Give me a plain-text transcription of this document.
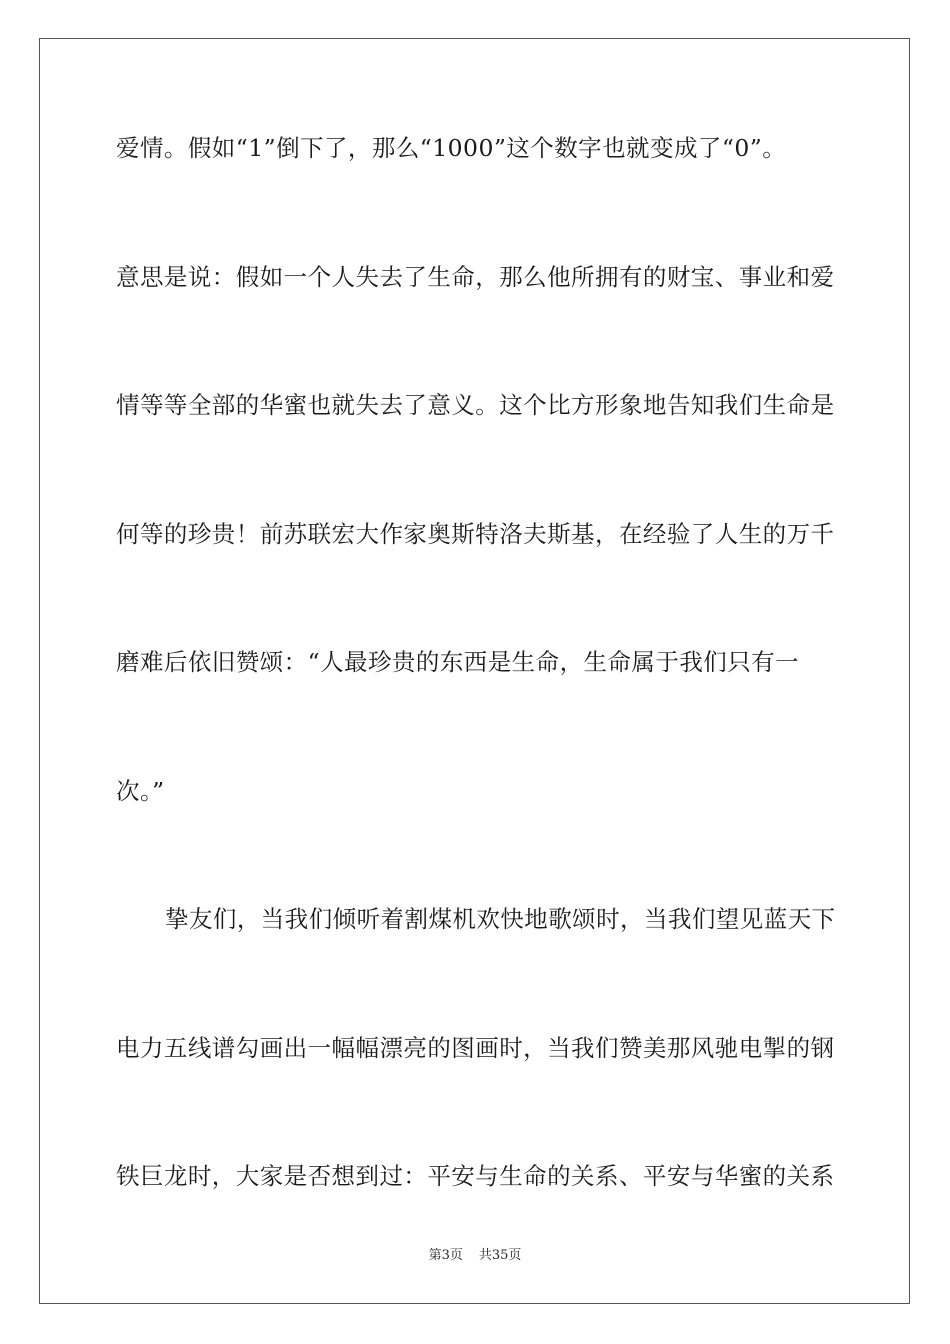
爱情。假如“1”倒下了，那么“1000”这个数字也就变成了“0”。
意思是说：假如一个人失去了生命，那么他所拥有的财宝、事业和爱
情等等全部的华蜜也就失去了意义。这个比方形象地告知我们生命是
何等的珍贵！前苏联宏大作家奥斯特洛夫斯基，在经验了人生的万千
磨难后依旧赞颂：“人最珍贵的东西是生命，生命属于我们只有一
次。”
挚友们，当我们倾听着割煤机欢快地歌颂时，当我们望见蓝天下
电力五线谱勾画出一幅幅漂亮的图画时，当我们赞美那风驰电掣的钢
铁巨龙时，大家是否想到过：平安与生命的关系、平安与华蜜的关系
第3页 共35页
